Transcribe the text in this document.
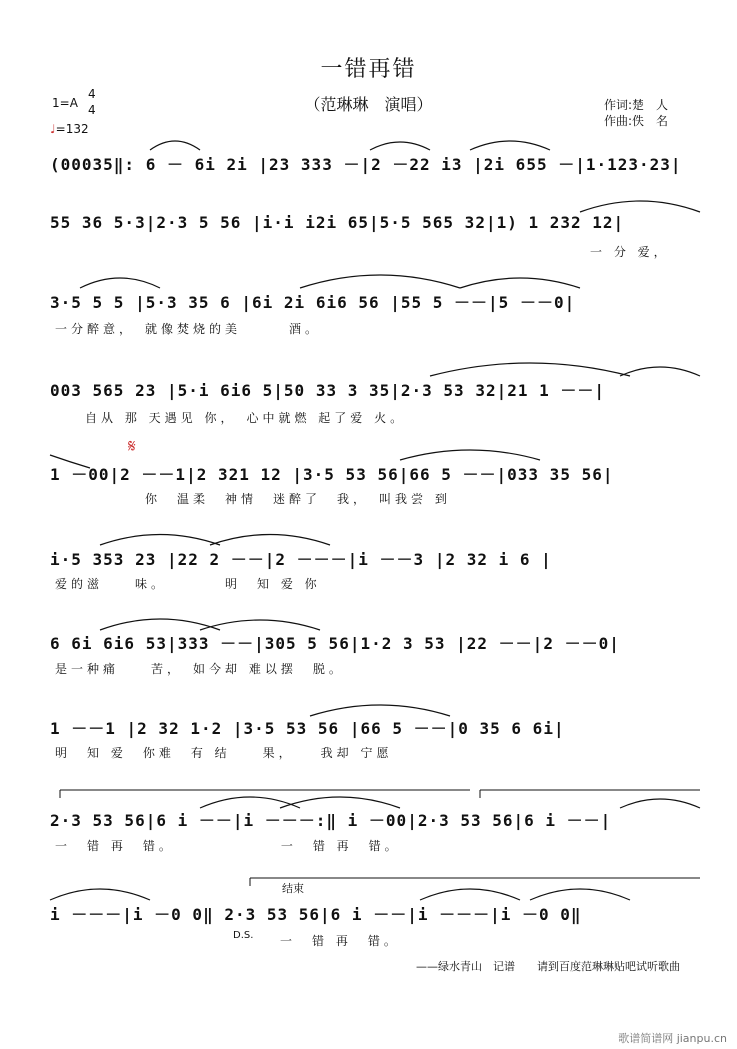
一错再错
（范琳琳　演唱）
1=A
4
4
♩=132
作词:楚　人
作曲:佚　名
(00035‖: 6 － 6i 2i |23 333 －|2 －22 i3 |2i 655 －|1·123·23|
55 36 5·3|2·3 5 56 |i·i i2i 65|5·5 565 32|1) 1 232 12|
一 分 爱，
3·5 5 5 |5·3 35 6 |6i 2i 6i6 56 |55 5 －－|5 －－0|
一分醉意，　就像焚烧的美　　　酒。
003 565 23 |5·i 6i6 5|50 33 3 35|2·3 53 32|21 1 －－|
自从 那 天遇见 你，　心中就燃 起了爱 火。
𝄋
1 －00|2 －－1|2 321 12 |3·5 53 56|66 5 －－|033 35 56|
你　温柔　神情　迷醉了　我，　叫我尝 到
i·5 353 23 |22 2 －－|2 －－－|i －－3 |2 32 i 6 |
爱的滋　　味。　　　　明　知 爱 你
6 6i 6i6 53|333 －－|305 5 56|1·2 3 53 |22 －－|2 －－0|
是一种痛　　苦，　如今却 难以摆　脱。
1 －－1 |2 32 1·2 |3·5 53 56 |66 5 －－|0 35 6 6i|
明　知 爱　你难　有 结　　果，　　我却 宁愿
2·3 53 56|6 i －－|i －－－:‖ i －00|2·3 53 56|6 i －－|
一　错 再　错。　　　　　　　一　错 再　错。
i －－－|i －0 0‖ 2·3 53 56|6 i －－|i －－－|i －0 0‖
D.S.
结束
一　错 再　错。
——绿水青山　记谱　　请到百度范琳琳贴吧试听歌曲
歌谱简谱网 jianpu.cn
